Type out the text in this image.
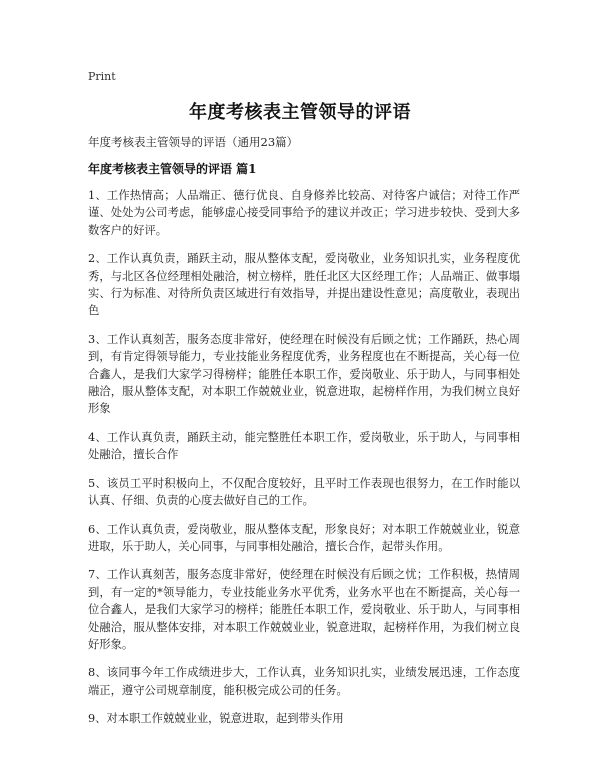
Print
年度考核表主管领导的评语
年度考核表主管领导的评语（通用23篇）
年度考核表主管领导的评语 篇1

1、工作热情高；人品端正、德行优良、自身修养比较高、对待客户诚信；对待工作严谨、处处为公司考虑，能够虚心接受同事给予的建议并改正；学习进步较快、受到大多数客户的好评。

2、工作认真负责，踊跃主动，服从整体支配，爱岗敬业，业务知识扎实，业务程度优秀，与北区各位经理相处融洽，树立榜样，胜任北区大区经理工作；人品端正、做事塌实、行为标准、对待所负责区域进行有效指导，并提出建设性意见；高度敬业，表现出色

3、工作认真刻苦，服务态度非常好，使经理在时候没有后顾之忧；工作踊跃，热心周到，有肯定得领导能力，专业技能业务程度优秀，业务程度也在不断提高，关心每一位合鑫人，是我们大家学习得榜样；能胜任本职工作，爱岗敬业、乐于助人，与同事相处融洽，服从整体支配，对本职工作兢兢业业，锐意进取，起榜样作用，为我们树立良好形象

4、工作认真负责，踊跃主动，能完整胜任本职工作，爱岗敬业，乐于助人，与同事相处融洽，擅长合作

5、该员工平时积极向上，不仅配合度较好，且平时工作表现也很努力，在工作时能以认真、仔细、负责的心度去做好自己的工作。

6、工作认真负责，爱岗敬业，服从整体支配，形象良好；对本职工作兢兢业业，锐意进取，乐于助人，关心同事，与同事相处融洽，擅长合作，起带头作用。

7、工作认真刻苦，服务态度非常好，使经理在时候没有后顾之忧；工作积极，热情周到，有一定的*领导能力，专业技能业务水平优秀，业务水平也在不断提高，关心每一位合鑫人，是我们大家学习的榜样；能胜任本职工作，爱岗敬业、乐于助人，与同事相处融洽，服从整体安排，对本职工作兢兢业业，锐意进取，起榜样作用，为我们树立良好形象。

8、该同事今年工作成绩进步大，工作认真，业务知识扎实，业绩发展迅速，工作态度端正，遵守公司规章制度，能积极完成公司的任务。

9、对本职工作兢兢业业，锐意进取，起到带头作用
